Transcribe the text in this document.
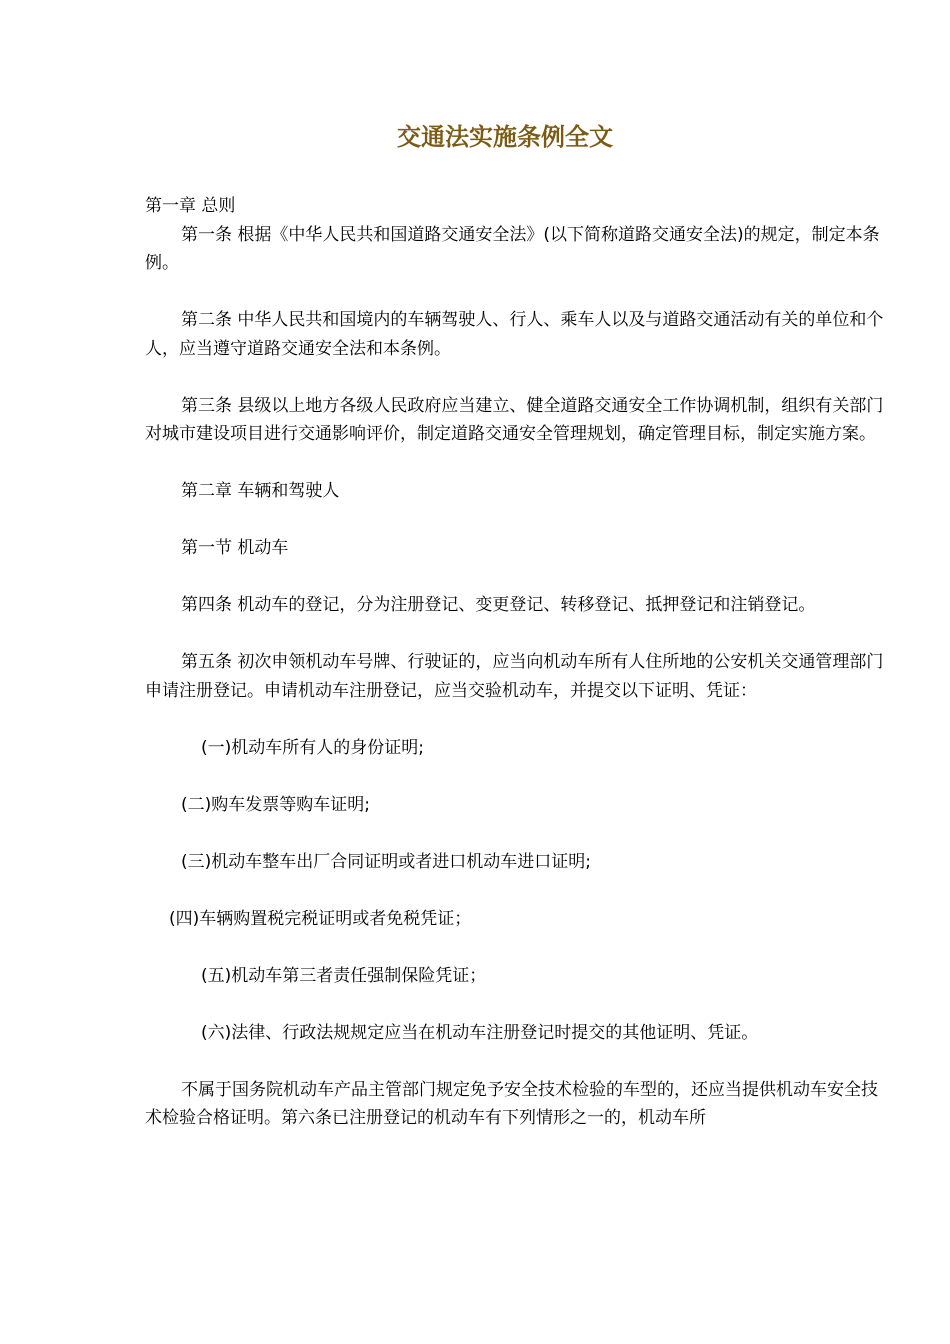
交通法实施条例全文

第一章 总则

第一条 根据《中华人民共和国道路交通安全法》(以下简称道路交通安全法)的规定，制定本条例。

第二条 中华人民共和国境内的车辆驾驶人、行人、乘车人以及与道路交通活动有关的单位和个人，应当遵守道路交通安全法和本条例。

第三条 县级以上地方各级人民政府应当建立、健全道路交通安全工作协调机制，组织有关部门对城市建设项目进行交通影响评价，制定道路交通安全管理规划，确定管理目标，制定实施方案。

第二章 车辆和驾驶人

第一节 机动车

第四条 机动车的登记，分为注册登记、变更登记、转移登记、抵押登记和注销登记。

第五条 初次申领机动车号牌、行驶证的，应当向机动车所有人住所地的公安机关交通管理部门申请注册登记。申请机动车注册登记，应当交验机动车，并提交以下证明、凭证：

(一)机动车所有人的身份证明;

(二)购车发票等购车证明;

(三)机动车整车出厂合同证明或者进口机动车进口证明;

(四)车辆购置税完税证明或者免税凭证；

(五)机动车第三者责任强制保险凭证；

(六)法律、行政法规规定应当在机动车注册登记时提交的其他证明、凭证。

不属于国务院机动车产品主管部门规定免予安全技术检验的车型的，还应当提供机动车安全技术检验合格证明。第六条已注册登记的机动车有下列情形之一的，机动车所
